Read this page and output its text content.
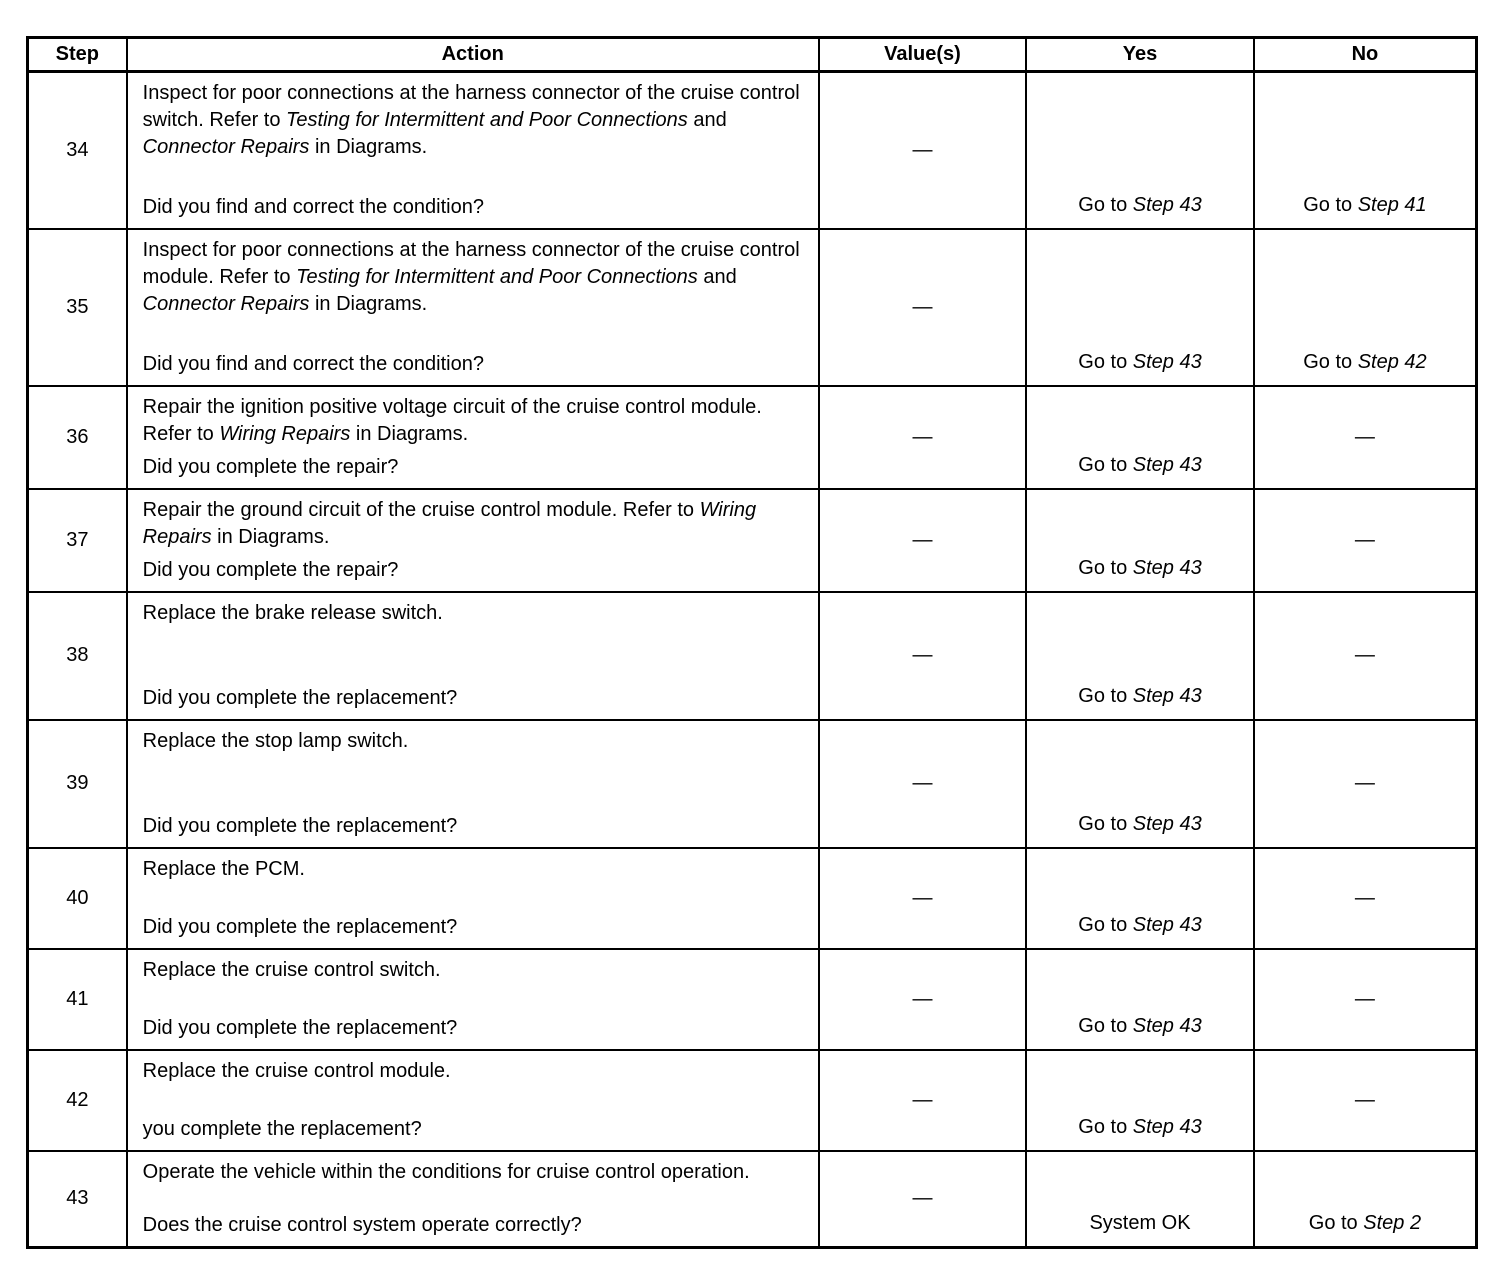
Step	Action	Value(s)	Yes	No
34	Inspect for poor connections at the harness connector of the cruise control switch. Refer to Testing for Intermittent and Poor Connections and Connector Repairs in Diagrams.
Did you find and correct the condition?	—	Go to Step 43	Go to Step 41
35	Inspect for poor connections at the harness connector of the cruise control module. Refer to Testing for Intermittent and Poor Connections and Connector Repairs in Diagrams.
Did you find and correct the condition?	—	Go to Step 43	Go to Step 42
36	Repair the ignition positive voltage circuit of the cruise control module. Refer to Wiring Repairs in Diagrams.
Did you complete the repair?	—	Go to Step 43	—
37	Repair the ground circuit of the cruise control module. Refer to Wiring Repairs in Diagrams.
Did you complete the repair?	—	Go to Step 43	—
38	Replace the brake release switch.
Did you complete the replacement?	—	Go to Step 43	—
39	Replace the stop lamp switch.
Did you complete the replacement?	—	Go to Step 43	—
40	Replace the PCM.
Did you complete the replacement?	—	Go to Step 43	—
41	Replace the cruise control switch.
Did you complete the replacement?	—	Go to Step 43	—
42	Replace the cruise control module.
you complete the replacement?	—	Go to Step 43	—
43	Operate the vehicle within the conditions for cruise control operation.
Does the cruise control system operate correctly?	—	System OK	Go to Step 2
